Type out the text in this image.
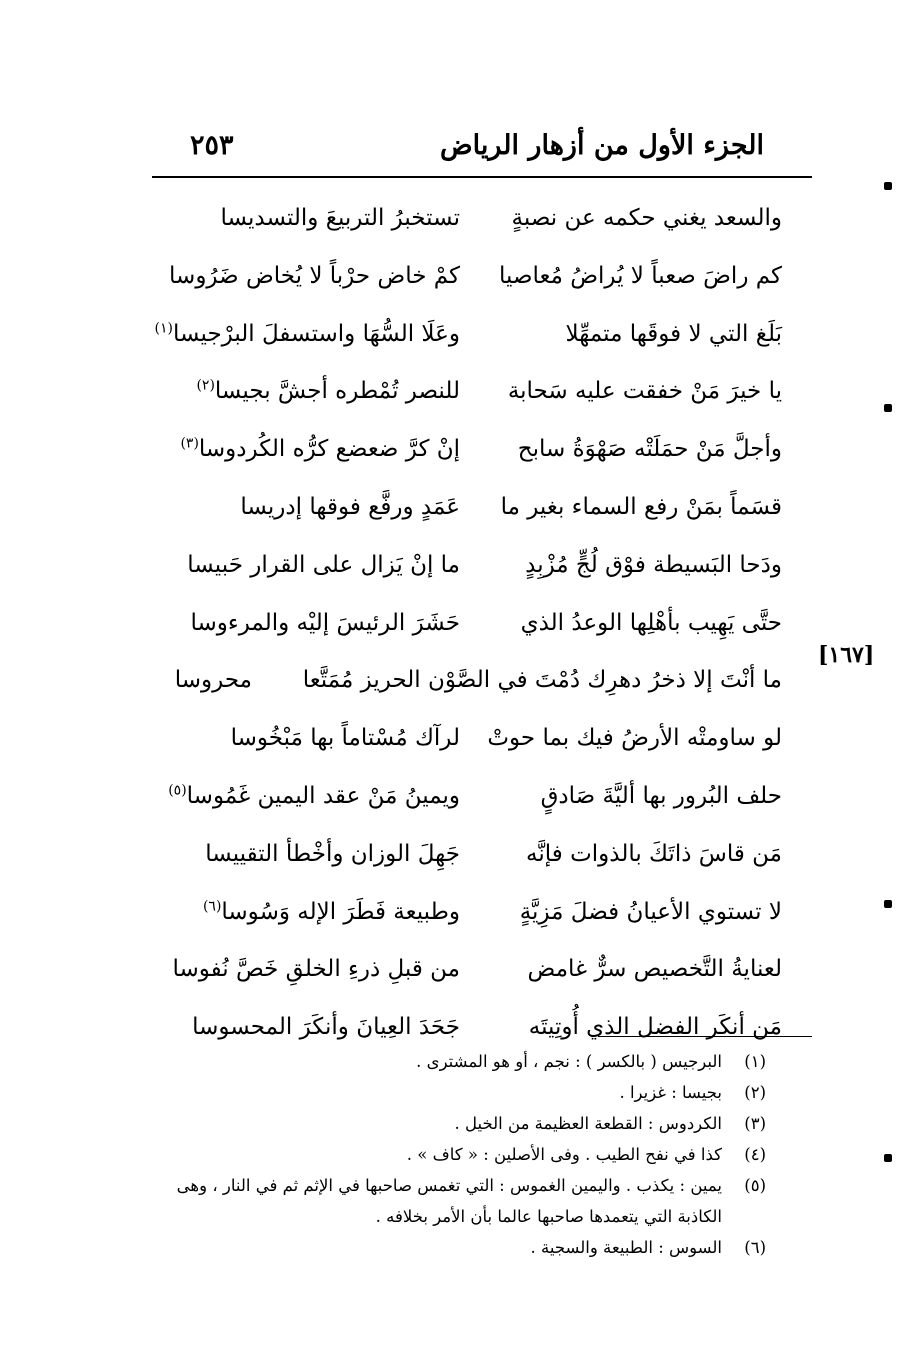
الجزء الأول من أزهار الرياض
٢٥٣
والسعد يغني حكمه عن نصبةٍ
تستخبرُ التربيعَ والتسديسا
كم راضَ صعباً لا يُراضُ مُعاصيا
كمْ خاض حرْباً لا يُخاض ضَرُوسا
بَلَغ التي لا فوقَها متمهِّلا
وعَلَا السُّهَا واستسفلَ البرْجيسا$^{(١)}$
يا خيرَ مَنْ خفقت عليه سَحابة
للنصر تُمْطره أجشَّ بجيسا$^{(٢)}$
وأجلَّ مَنْ حمَلَتْه صَهْوَةُ سابح
إنْ كرَّ ضعضع كرُّه الكُردوسا$^{(٣)}$
قسَماً بمَنْ رفع السماء بغير ما
عَمَدٍ ورفَّع فوقها إدريسا
ودَحا البَسيطة فوْق لُجٍّ مُزْبِدٍ
ما إنْ يَزال على القرار حَبيسا
حتَّى يَهِيب بأهْلِها الوعدُ الذي
حَشَرَ الرئيسَ إليْه والمرءوسا
ما أنْتَ إلا ذخرُ دهرِك دُمْتَ في الصَّوْن الحريز مُمَتَّعا
محروسا
لو ساومتْه الأرضُ فيك بما حوتْ
لرآك مُسْتاماً بها مَبْخُوسا
حلف البُرور بها أليَّةَ صَادقٍ
ويمينُ مَنْ عقد اليمين غَمُوسا$^{(٥)}$
مَن قاسَ ذاتَكَ بالذوات فإنَّه
جَهِلَ الوزان وأخْطأ التقييسا
لا تستوي الأعيانُ فضلَ مَزِيَّةٍ
وطبيعة فَطَرَ الإله وَسُوسا$^{(٦)}$
لعنايةُ التَّخصيص سرٌّ غامض
من قبلِ ذرءِ الخلقِ خَصَّ نُفوسا
مَن أنكَر الفضل الذي أُوتِيتَه
جَحَدَ العِيانَ وأنكَرَ المحسوسا
[١٦٧]
(١)
البرجيس ( بالكسر ) : نجم ، أو هو المشترى .
(٢)
بجيسا : غزيرا .
(٣)
الكردوس : القطعة العظيمة من الخيل .
(٤)
كذا في نفح الطيب . وفى الأصلين : « كاف » .
(٥)
يمين : يكذب . واليمين الغموس : التي تغمس صاحبها في الإثم ثم في النار ، وهى الكاذبة التي يتعمدها صاحبها عالما بأن الأمر بخلافه .
(٦)
السوس : الطبيعة والسجية .
